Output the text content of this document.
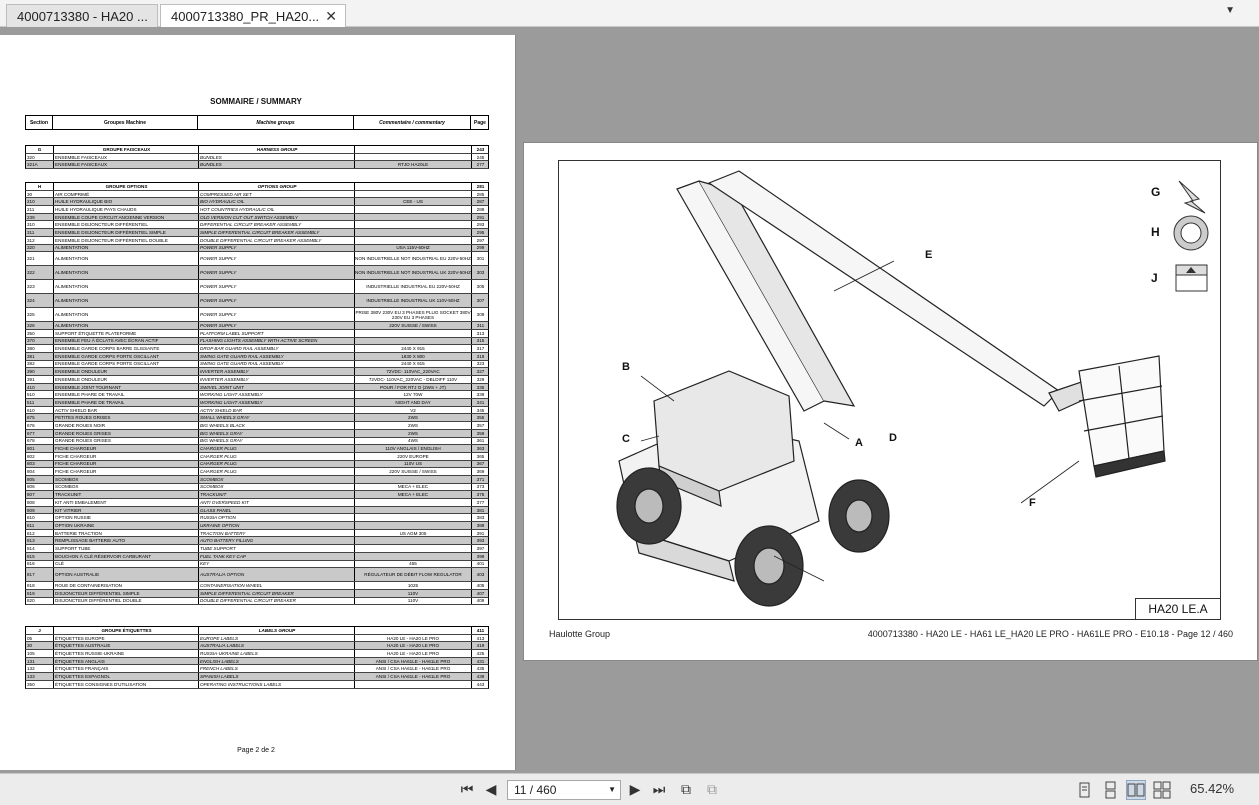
4000713380 - HA20 ...	4000713380_PR_HA20... ✕	▼
SOMMAIRE / SUMMARY
Section	Groupes Machine	Machine groups	Commentaire / commentary	Page
G	GROUPE FAISCEAUX	HARNESS GROUP	243
320	ENSEMBLE FAISCEAUX	BUNDLES	245
321A	ENSEMBLE FAISCEAUX	BUNDLES	RTJO HA20LE	277
H	GROUPE OPTIONS	OPTIONS GROUP	281
30	AIR COMPRIMÉ	COMPRESSED AIR SET	285
210	HUILE HYDRAULIQUE BIO	BIO HYDRAULIC OIL	CEE - US	287
211	HUILE HYDRAULIQUE PAYS CHAUDS	HOT COUNTRIES HYDRAULIC OIL	289
239	ENSEMBLE COUPE CIRCUIT ANCIENNE VERSION	OLD VERSION CUT OUT SWITCH ASSEMBLY	291
310	ENSEMBLE DISJONCTEUR DIFFÉRENTIEL	DIFFERENTIAL CIRCUIT BREAKER ASSEMBLY	293
311	ENSEMBLE DISJONCTEUR DIFFÉRENTIEL SIMPLE	SIMPLE DIFFERENTIAL CIRCUIT BREAKER ASSEMBLY	295
312	ENSEMBLE DISJONCTEUR DIFFÉRENTIEL DOUBLE	DOUBLE DIFFERENTIAL CIRCUIT BREAKER ASSEMBLY	297
320	ALIMENTATION	POWER SUPPLY	USA 115V-60HZ	299
321	ALIMENTATION	POWER SUPPLY	NON INDUSTRIELLE NOT INDUSTRIAL EU 220V-50HZ	301
322	ALIMENTATION	POWER SUPPLY	NON INDUSTRIELLE NOT INDUSTRIAL UK 220V-50HZ	303
323	ALIMENTATION	POWER SUPPLY	INDUSTRIELLE INDUSTRIAL EU 220V-50HZ	305
324	ALIMENTATION	POWER SUPPLY	INDUSTRIELLE INDUSTRIAL UK 110V-50HZ	307
325	ALIMENTATION	POWER SUPPLY	PRISE 380V 230V EU 3 PHASES PLUG SOCKET 380V 230V EU 3 PHASES	309
326	ALIMENTATION	POWER SUPPLY	220V SUISSE / SWISS	311
350	SUPPORT ÉTIQUETTE PLATEFORME	PLATFORM LABEL SUPPORT	313
370	ENSEMBLE FEU À ÉCLATS AVEC ÉCRAN ACTIF	FLASHING LIGHTS ASSEMBLY WITH ACTIVE SCREEN	315
380	ENSEMBLE GARDE CORPS BARRE GLISSANTE	DROP BAR GUARD RAIL ASSEMBLY	2440 X 915	317
381	ENSEMBLE GARDE CORPS PORTE OSCILLANT	SWING GATE GUARD RAIL ASSEMBLY	1830 X 800	319
382	ENSEMBLE GARDE CORPS PORTE OSCILLANT	SWING GATE GUARD RAIL ASSEMBLY	2440 X 915	323
390	ENSEMBLE ONDULEUR	INVERTER ASSEMBLY	72VDC- 110VAC_220VAC	327
391	ENSEMBLE ONDULEUR	INVERTER ASSEMBLY	72VDC- 110VAC_220VAC - DBLDIFF 110V	329
410	ENSEMBLE JOINT TOURNANT	SWIVEL JOINT UNIT	POUR / FOR RTJ O (2WS + JT)	335
510	ENSEMBLE PHARE DE TRAVAIL	WORKING LIGHT ASSEMBLY	12V 70W	339
511	ENSEMBLE PHARE DE TRAVAIL	WORKING LIGHT ASSEMBLY	NIGHT AND DAY	341
610	ACTIV SHIELD BAR	ACTIV SHIELD BAR	V2	345
675	PETITES ROUES GRISES	SMALL WHEELS GRAY	2WS	355
676	GRANDE ROUES NOIR	BIG WHEELS BLACK	2WS	357
677	GRANDE ROUES GRISES	BIG WHEELS GRAY	2WS	359
678	GRANDE ROUES GRISES	BIG WHEELS GRAY	4WS	361
801	FICHE CHARGEUR	CHARGER PLUG	110V ANGLAIS / ENGLISH	363
802	FICHE CHARGEUR	CHARGER PLUG	220V EUROPE	365
803	FICHE CHARGEUR	CHARGER PLUG	110V US	367
804	FICHE CHARGEUR	CHARGER PLUG	220V SUISSE / SWISS	369
805	SCOMBOX	SCOMBOX	371
806	SCOMBOX	SCOMBOX	MECA + ELEC	373
807	TRACKUNIT	TRACKUNIT	MECA + ELEC	375
808	KIT ANTI EMBALEMENT	ANTI OVERSPEED KIT	377
809	KIT VITRIER	GLASS PANEL	381
810	OPTION RUSSIE	RUSSIA OPTION	383
811	OPTION UKRAINE	UKRAINE OPTION	389
812	BATTERIE TRACTION	TRACTION BATTERY	US AGM 305	391
813	REMPLISSAGE BATTERIE AUTO	AUTO BATTERY FILLING	393
814	SUPPORT TUBE	TUBE SUPPORT	397
815	BOUCHON À CLÉ RÉSERVOIR CARBURANT	FUEL TANK KEY CAP	399
816	CLÉ	KEY	455	401
817	OPTION AUSTRALIE	AUSTRALIA OPTION	RÉGULATEUR DE DÉBIT FLOW REGULATOR	403
818	ROUE DE CONTAINERISATION	CONTAINERISATION WHEEL	1025	405
819	DISJONCTEUR DIFFÉRENTIEL SIMPLE	SIMPLE DIFFERENTIAL CIRCUIT BREAKER	110V	407
820	DISJONCTEUR DIFFÉRENTIEL DOUBLE	DOUBLE DIFFERENTIAL CIRCUIT BREAKER	110V	409
J	GROUPE ÉTIQUETTES	LABELS GROUP	411
05	ÉTIQUETTES EUROPE	EUROPE LABELS	HA20 LE - HA20 LE PRO	413
30	ÉTIQUETTES AUSTRALIE	AUSTRALIA LABELS	HA20 LE - HA20 LE PRO	419
105	ÉTIQUETTES RUSSIE-UKRAINE	RUSSIA-UKRAINE LABELS	HA20 LE - HA20 LE PRO	425
131	ÉTIQUETTES ANGLAIS	ENGLISH LABELS	ANSI / CSA HA61LE - HA61LE PRO	431
132	ÉTIQUETTES FRANÇAIS	FRENCH LABELS	ANSI / CSA HA61LE - HA61LE PRO	435
133	ÉTIQUETTES ESPAGNOL	SPANISH LABELS	ANSI / CSA HA61LE - HA61LE PRO	439
350	ÉTIQUETTES CONSIGNES D'UTILISATION	OPERATING INSTRUCTIONS LABELS	443
Page 2 de 2
A
B
C	D
E
F
G
H
J
HA20 LE.A
Haulotte Group	4000713380 - HA20 LE - HA61 LE_HA20 LE PRO - HA61LE PRO - E10.18 - Page 12 / 460
⏮ ◀	11 / 460	▼ ▶ ⏭ ⧉ ⧉	65.42%
